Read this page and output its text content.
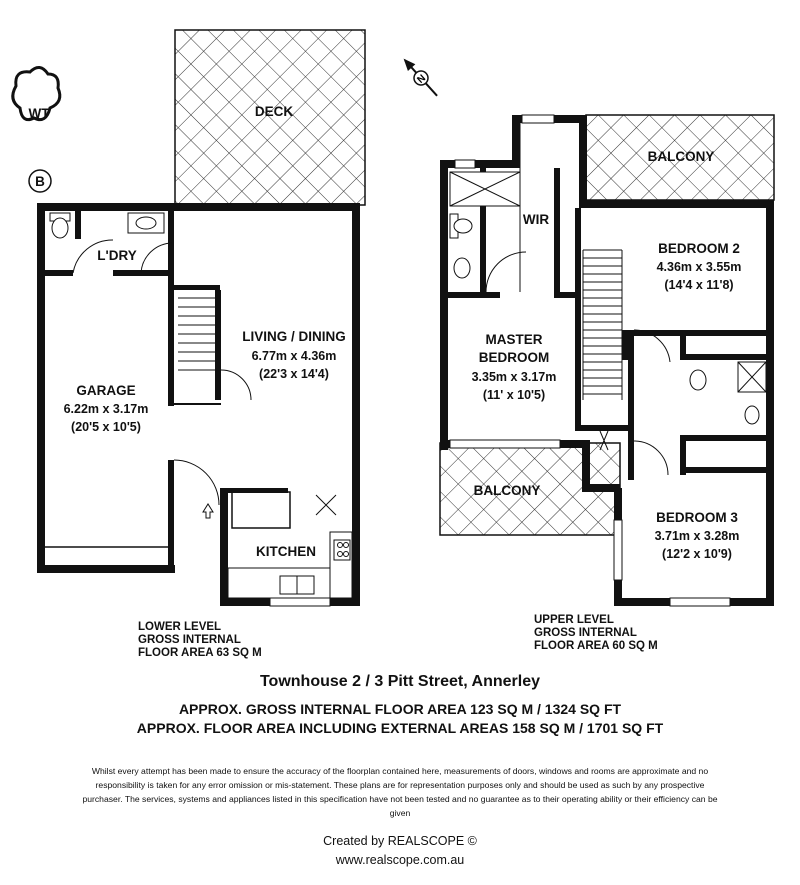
WT
B
N
DECK
L'DRY
LIVING / DINING
6.77m x 4.36m
(22'3 x 14'4)
GARAGE
6.22m x 3.17m
(20'5 x 10'5)
KITCHEN
LOWER LEVEL
GROSS INTERNAL
FLOOR AREA 63 SQ M
BALCONY
WIR
BEDROOM 2
4.36m x 3.55m
(14'4 x 11'8)
MASTER
BEDROOM
3.35m x 3.17m
(11' x 10'5)
BALCONY
BEDROOM 3
3.71m x 3.28m
(12'2 x 10'9)
UPPER LEVEL
GROSS INTERNAL
FLOOR AREA 60 SQ M
Townhouse 2 / 3 Pitt Street, Annerley
APPROX. GROSS INTERNAL FLOOR AREA 123 SQ M / 1324 SQ FT
APPROX. FLOOR AREA INCLUDING EXTERNAL AREAS 158 SQ M / 1701 SQ FT
Whilst every attempt has been made to ensure the accuracy of the floorplan contained here, measurements of doors, windows and rooms are approximate and no responsibility is taken for any error omission or mis-statement. These plans are for representation purposes only and should be used as such by any prospective purchaser. The services, systems and appliances listed in this specification have not been tested and no guarantee as to their operating ability or their efficiency can be given
Created by REALSCOPE ©
www.realscope.com.au
